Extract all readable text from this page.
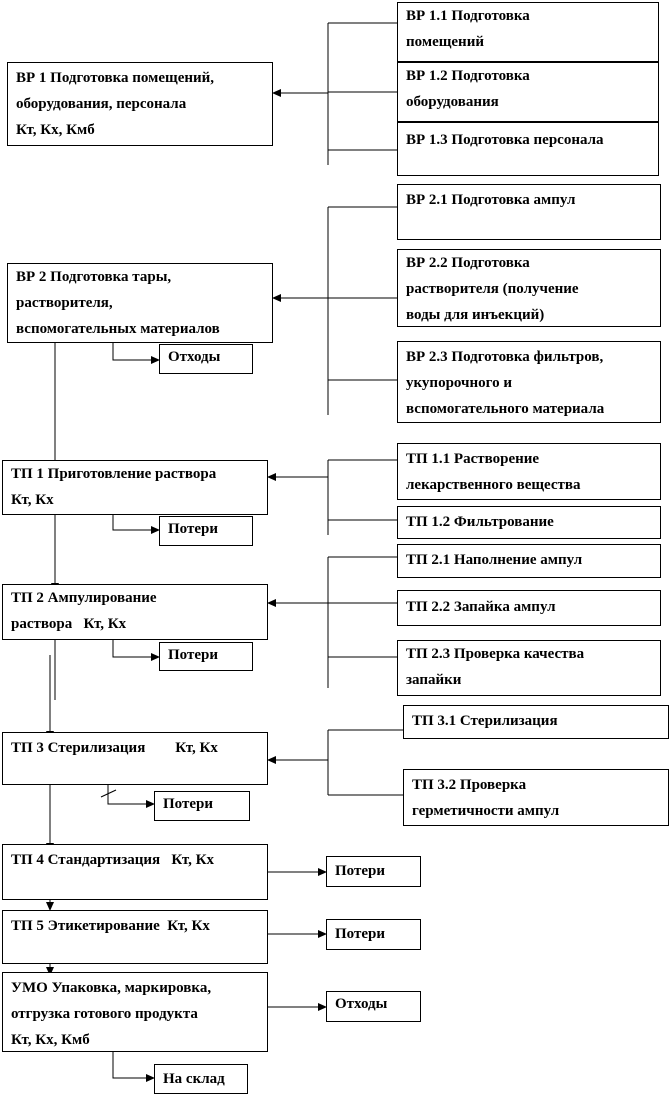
ВР 1 Подготовка помещений,
оборудования, персонала
Кт, Кх, Кмб
ВР 2 Подготовка тары,
растворителя,
вспомогательных материалов
ТП 1 Приготовление раствора
Кт, Кх
ТП 2 Ампулирование
раствора   Кт, Кх
ТП 3 Стерилизация        Кт, Кх
ТП 4 Стандартизация   Кт, Кх
ТП 5 Этикетирование  Кт, Кх
УМО Упаковка, маркировка,
отгрузка готового продукта
Кт, Кх, Кмб
ВР 1.1 Подготовка
помещений
ВР 1.2 Подготовка
оборудования
ВР 1.3 Подготовка персонала
ВР 2.1 Подготовка ампул
ВР 2.2 Подготовка
растворителя (получение
воды для инъекций)
ВР 2.3 Подготовка фильтров,
укупорочного и
вспомогательного материала
ТП 1.1 Растворение
лекарственного вещества
ТП 1.2 Фильтрование
ТП 2.1 Наполнение ампул
ТП 2.2 Запайка ампул
ТП 2.3 Проверка качества
запайки
ТП 3.1 Стерилизация
ТП 3.2 Проверка
герметичности ампул
Отходы
Потери
Потери
Потери
Потери
Потери
Отходы
На склад
